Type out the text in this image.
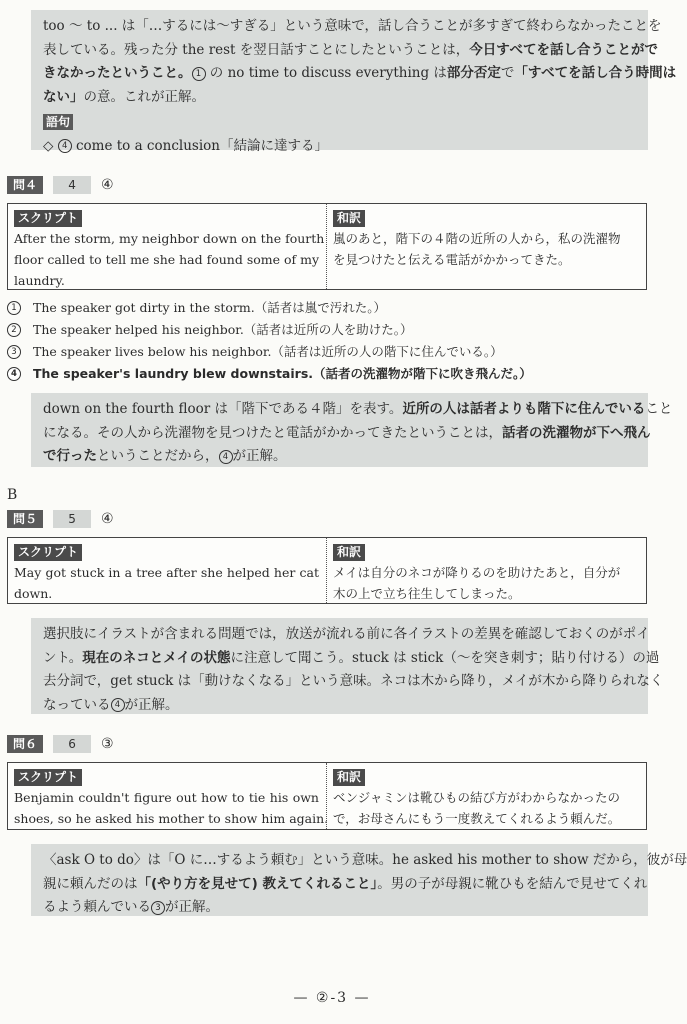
too 〜 to ... は「…するには〜すぎる」という意味で，話し合うことが多すぎて終わらなかったことを
表している。残った分 the rest を翌日話すことにしたということは，今日すべてを話し合うことがで
きなかったということ。 1 の no time to discuss everything は部分否定で「すべてを話し合う時間は
ない」の意。これが正解。
語句
◇ 4 come to a conclusion「結論に達する」
問４	4	④
スクリプト
After the storm, my neighbor down on the fourth
floor called to tell me she had found some of my
laundry.
和訳
嵐のあと，階下の４階の近所の人から，私の洗濯物
を見つけたと伝える電話がかかってきた。
1	The speaker got dirty in the storm.（話者は嵐で汚れた。）
2	The speaker helped his neighbor.（話者は近所の人を助けた。）
3	The speaker lives below his neighbor.（話者は近所の人の階下に住んでいる。）
4	The speaker's laundry blew downstairs.（話者の洗濯物が階下に吹き飛んだ。）
down on the fourth floor は「階下である４階」を表す。近所の人は話者よりも階下に住んでいること
になる。その人から洗濯物を見つけたと電話がかかってきたということは，話者の洗濯物が下へ飛ん
で行ったということだから， 4 が正解。
B
問５	5	④
スクリプト
May got stuck in a tree after she helped her cat
down.
和訳
メイは自分のネコが降りるのを助けたあと，自分が
木の上で立ち往生してしまった。
選択肢にイラストが含まれる問題では，放送が流れる前に各イラストの差異を確認しておくのがポイ
ント。現在のネコとメイの状態に注意して聞こう。stuck は stick（〜を突き刺す；貼り付ける）の過
去分詞で，get stuck は「動けなくなる」という意味。ネコは木から降り，メイが木から降りられなく
なっている 4 が正解。
問６	6	③
スクリプト
Benjamin couldn't figure out how to tie his own
shoes, so he asked his mother to show him again.
和訳
ベンジャミンは靴ひもの結び方がわからなかったの
で，お母さんにもう一度教えてくれるよう頼んだ。
〈ask O to do〉は「O に…するよう頼む」という意味。he asked his mother to show だから，彼が母
親に頼んだのは「(やり方を見せて) 教えてくれること」。男の子が母親に靴ひもを結んで見せてくれ
るよう頼んでいる 3 が正解。
— ②-3 —
